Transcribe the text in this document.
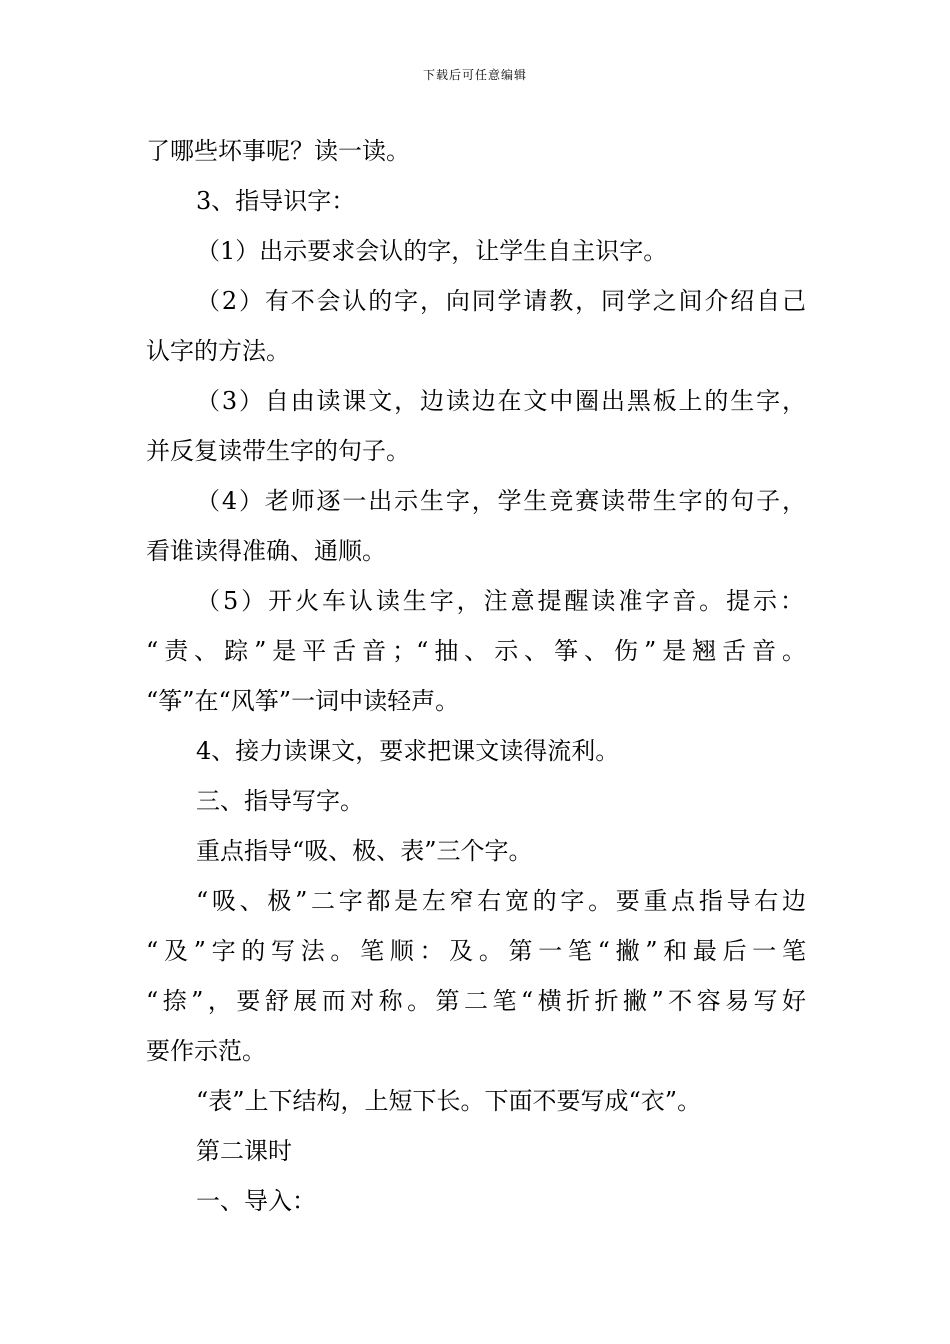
下载后可任意编辑
了哪些坏事呢？读一读。
3、指导识字：
（1）出示要求会认的字，让学生自主识字。
（2）有不会认的字，向同学请教，同学之间介绍自己
认字的方法。
（3）自由读课文，边读边在文中圈出黑板上的生字，
并反复读带生字的句子。
（4）老师逐一出示生字，学生竞赛读带生字的句子，
看谁读得准确、通顺。
（5）开火车认读生字，注意提醒读准字音。提示：
“责、踪”是平舌音；“抽、示、筝、伤”是翘舌音。
“筝”在“风筝”一词中读轻声。
4、接力读课文，要求把课文读得流利。
三、指导写字。
重点指导“吸、极、表”三个字。
“吸、极”二字都是左窄右宽的字。要重点指导右边
“及”字的写法。笔顺：及。第一笔“撇”和最后一笔
“捺”，要舒展而对称。第二笔“横折折撇”不容易写好
要作示范。
“表”上下结构，上短下长。下面不要写成“衣”。
第二课时
一、导入：
